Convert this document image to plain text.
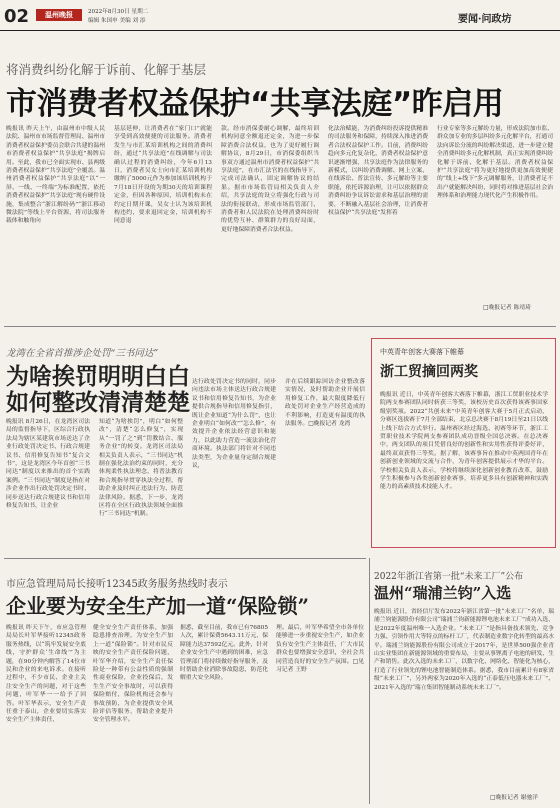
02	温州晚报	2022年8月30日 星期二
编辑 朱国申 美编 刘 添	要闻·问政坊
将消费纠纷化解于诉前、化解于基层
市消费者权益保护“共享法庭”昨启用
晚报讯 昨天上午，由温州市中级人民法院、温州市市场监督管理局、温州市消费者权益保护委员会联合共建的温州市消费者权益保护“共享法庭”揭牌启用。至此，我市已全面实现市、县两级消费者权益保护“共享法庭”全覆盖。温州消费者权益保护“共享法庭”以“一屏、一线、一终端”为标准配置，依托消费者权益保护“共享法庭”现有硬件设施，集成整合“浙江解纷码”“浙江移动微法院”等线上平台资源，将司法服务载体和触角向
基层延伸，让消费者在“家门口”就能享受到高效便捷的司法服务。消费者发生与市汇某培训机构之间的消费纠纷，通过“共享法庭”在线调解与司法确认过程的消费纠纷，今年6月13日，消费者吴女士向市汇某培训机构缴纳了5000元作为参加该培训机构于7月18日开设的为期30天的培训课程定金，但因各种原因，培训机构未在约定日期开课，吴女士认为该培训机构违约，要求退回定金，培训机构不同意退
款。经市消保委耐心调解，最终培训机构同意全额退还定金，为进一步保障消费合法权益，也为了更好履行调解协议，8月29日，市消保委组织当事双方通过温州市消费者权益保护“共享法庭”，在市汇法官的在线指导下，完成司法确认，固定调解协议的结果。据市市场监管局相关负责人介绍，共享法庭的设立将强化行政与司法的衔接联动，形成市场监管部门、消费者和人民法院在处理消费纠纷时的优势互补、群策群力的良好局面，更好地保障消费者合法权益。
化法治赋能，为消费纠纷投诉提供精准的司法服务和保障，持续深入推进消费者合法权益保护工作。目前，消费纠纷趋向多元化复杂化，消费者权益保护意识逐渐增强，共享法庭作为法律服务的新模式，以纠纷消费调解、网上立案、在线诉讼、普法宣传、多元解纷等主要职能，依托诉源治理，让可以依据群众消费纠纷争议诉讼需求和基层治理的需要，不断融入基层社会治理，让消费者权益保护“共享法庭”发挥着
行业专家等多元解纷力量，形成法院加市监、群众加专业的多层纠纷多元化解平台，打通司法向诉讼分流的纠纷解决渠道，进一步建立健全消费纠纷多元化解机制，真正实现消费纠纷化解于诉前、化解于基层。消费者权益保护“共享法庭”将为更好地提供更加高效便捷的“线上+线下”多元调解服务，让消费者足不出户就能解决纠纷，同时将对推进基层社会治理体系和治理能力现代化产生积极作用。
□晚报记者 陈靖琦
龙湾在全省首推涉企处罚“三书同达”
为啥挨罚明明白白
如何整改清清楚楚
晚报讯 8月26日，在龙湾区司法局的监督指导下，区综合行政执法局为辖区某建筑市场送达了企业行政处罚决定书、行政合规建议书、信用修复告知书“复合文书”，这是龙湾区今年首创“三书同达”制度以来推出的首个实践案例。“三书同达”制度是指在对涉企业作出行政处罚决定书时，同步送达行政合规建议书和信用修复告知书，让企业
知道“为啥挨罚”，明白“如何整改”，清楚“怎么修复”，实现从“一罚了之”到“罚教结合、服务企业”的转变。龙湾区司法局相关负责人表示，“三书同达”机制在强化法治约束的同时，充分体现柔性执法理念，将普法教育和合规指导贯穿执法全过程，帮助企业及时纠正违法行为、防范法律风险。据悉，下一步，龙湾区将在全区行政执法领域全面推行“三书同达”机制。
达行政处罚决定书的同时，同步向违法市场主体送达行政合规建议书和信用修复告知书，为企业提供合规指导和信用修复指引，既让企业知道“为什么罚”，也让企业明白“如何改”“怎么修”，有效提升企业依法经营意识和能力，以此助力营造一流法治化营商环境。执法部门将针对不同违法类型，为企业量身定制合规建议，
并在后续跟踪回访企业整改落实情况，及时帮助企业开展信用修复工作，最大限度降低行政处罚对企业生产经营造成的不利影响，打造更有温度的执法服务。□晚报记者 龙湾
中英青年创客大赛落下帷幕
浙工贸摘回两奖
晚报讯 近日，中英青年创客大赛落下帷幕，浙江工贸职业技术学院两支参赛团队同时斩获三等奖，该校历史首次获得该赛事国家级别奖项。2022“共创未来”中英青年创客大赛于5月正式启动，分赛区选拔赛于7月全部结束，北京总决赛于8月19日至21日以线上线下结合方式举行。温州赛区经过海选、初赛等环节，浙江工贸职业技术学院两支参赛团队成功晋级全国总决赛。在总决赛中，两支团队的项目凭借良好的创新性和实用性获得评委好评，最终双双获得三等奖。据了解，该赛事旨在推动中英两国青年在创新创业领域的交流与合作，为青年创客提供展示才华的平台。学校相关负责人表示，学校将继续深化创新创业教育改革，鼓励学生积极参与各类创新创业赛事，培养更多具有创新精神和实践能力的高素质技术技能人才。
市应急管理局局长接听12345政务服务热线时表示
企业要为安全生产加一道“保险锁”
晚报讯 昨天下午，市应急管理局局长叶军华接听12345政务服务热线，以“筑牢发展安全底线，守护群众‘生命线’”为主题，在90分钟内解答了14位市民和企业的来电诉求。在接听过程中，不少市民、企业主关注安全生产的问题，对于这些问题，叶军华一一给予了回答。叶军华表示，安全生产责任重于泰山，企业要切实落实安全生产主体责任，
健全安全生产责任体系，加强隐患排查治理，为安全生产加上一道“保险锁”。针对市民反映的安全生产责任保险问题，叶军华介绍，安全生产责任保险是一种带有公益性质的强制性商业保险，企业投保后，发生生产安全事故时，可以获得保险赔付，保险机构还会参与事故预防，为企业提供安全风险评估等服务，帮助企业提升安全管理水平。
据悉，截至目前，我市已有76805人次，累计保费5643.11万元，保障能力达37592亿元。此外，针对企业安全生产中遇到的困难，应急管理部门将持续做好指导服务，及时帮助企业消除事故隐患，防范化解重大安全风险。
理。最后，叶军华希望全市各单位能够进一步重视安全生产，如企业负有安全生产主体责任，广大市民群众也要增强安全意识，全社会共同营造良好的安全生产氛围。□见习记者 王野
2022年浙江省第一批“未来工厂”公布
温州“瑞浦兰钧”入选
晚报讯 近日，省经信厅发布2022年浙江省第一批“未来工厂”名单，瑞浦兰钧能源股份有限公司“瑞浦兰钧新能源锂电池未来工厂”成功入选，是2022年度温州唯一入选企业。“未来工厂”是指具备技术领先、竞争力强、引领作用大等特点的标杆工厂，代表制造业数字化转型的最高水平。瑞浦兰钧能源股份有限公司成立于2017年，是世界500强企业青山实业集团在新能源领域的重要布局，主要从事锂离子电池的研发、生产和销售。此次入选的未来工厂，以数字化、网络化、智能化为核心，打造了行业领先的锂电池智能制造体系。据悉，我市目前累计有8家省级“未来工厂”，另外两家为2020年入选的“正泰低压电器未来工厂”、2021年入选的“瑞立集团智能制动系统未来工厂”。
□晚报记者 谢驰洋
